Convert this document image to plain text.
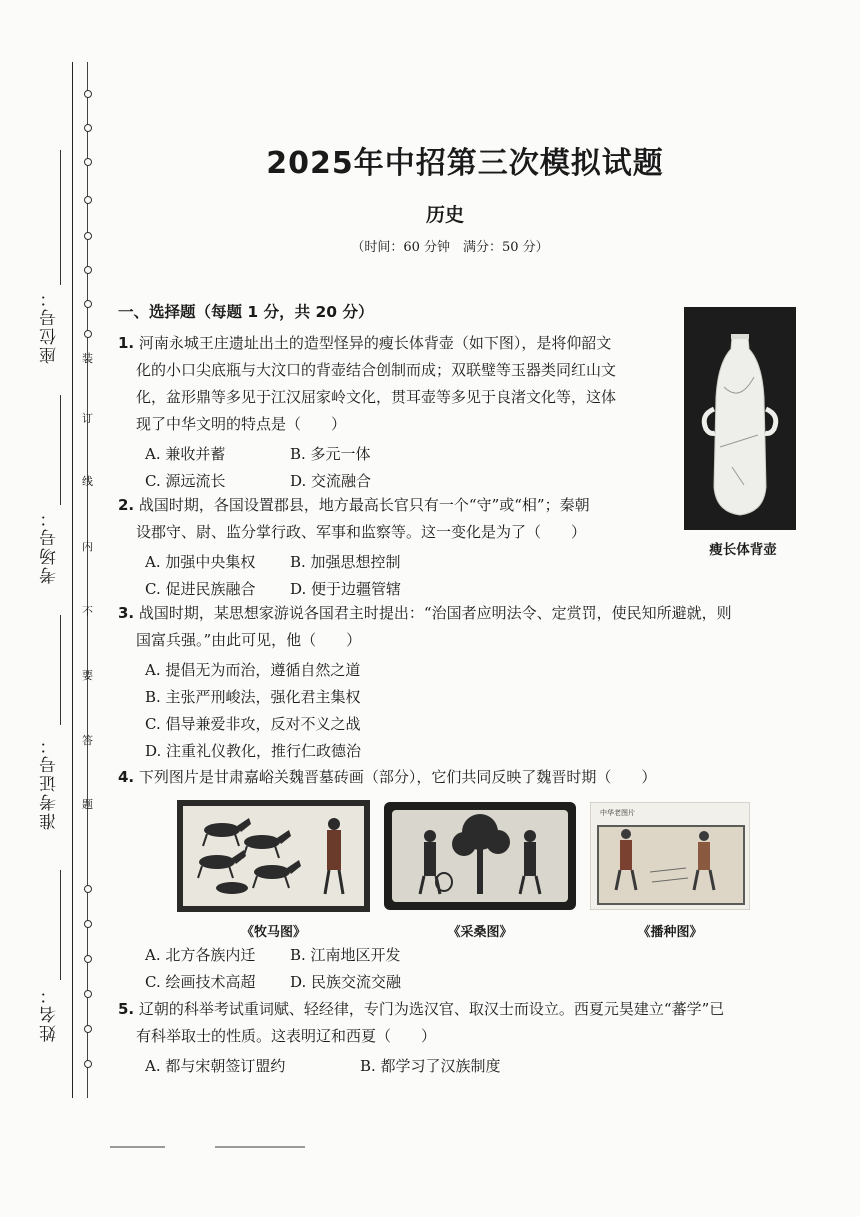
座位号：
考场号：
准考证号：
姓名：
装
订
线
内
不
要
答
题
2025年中招第三次模拟试题
历史
（时间：60 分钟　满分：50 分）
一、选择题（每题 1 分，共 20 分）
瘦长体背壶
1. 河南永城王庄遗址出土的造型怪异的瘦长体背壶（如下图），是将仰韶文
化的小口尖底瓶与大汶口的背壶结合创制而成；双联璧等玉器类同红山文
化，盆形鼎等多见于江汉屈家岭文化，贯耳壶等多见于良渚文化等，这体
现了中华文明的特点是（　　）
A. 兼收并蓄	B. 多元一体
C. 源远流长	D. 交流融合
2. 战国时期，各国设置郡县，地方最高长官只有一个“守”或“相”；秦朝
设郡守、尉、监分掌行政、军事和监察等。这一变化是为了（　　）
A. 加强中央集权 B. 加强思想控制
C. 促进民族融合 D. 便于边疆管辖
3. 战国时期，某思想家游说各国君主时提出：“治国者应明法令、定赏罚，使民知所避就，则
国富兵强。”由此可见，他（　　）
A. 提倡无为而治，遵循自然之道
B. 主张严刑峻法，强化君主集权
C. 倡导兼爱非攻，反对不义之战
D. 注重礼仪教化，推行仁政德治
4. 下列图片是甘肃嘉峪关魏晋墓砖画（部分），它们共同反映了魏晋时期（　　）
《牧马图》	《采桑图》
中华老图片
《播种图》
A. 北方各族内迁 B. 江南地区开发
C. 绘画技术高超 D. 民族交流交融
5. 辽朝的科举考试重词赋、轻经律，专门为选汉官、取汉士而设立。西夏元昊建立“蕃学”已
有科举取士的性质。这表明辽和西夏（　　）
A. 都与宋朝签订盟约	B. 都学习了汉族制度
